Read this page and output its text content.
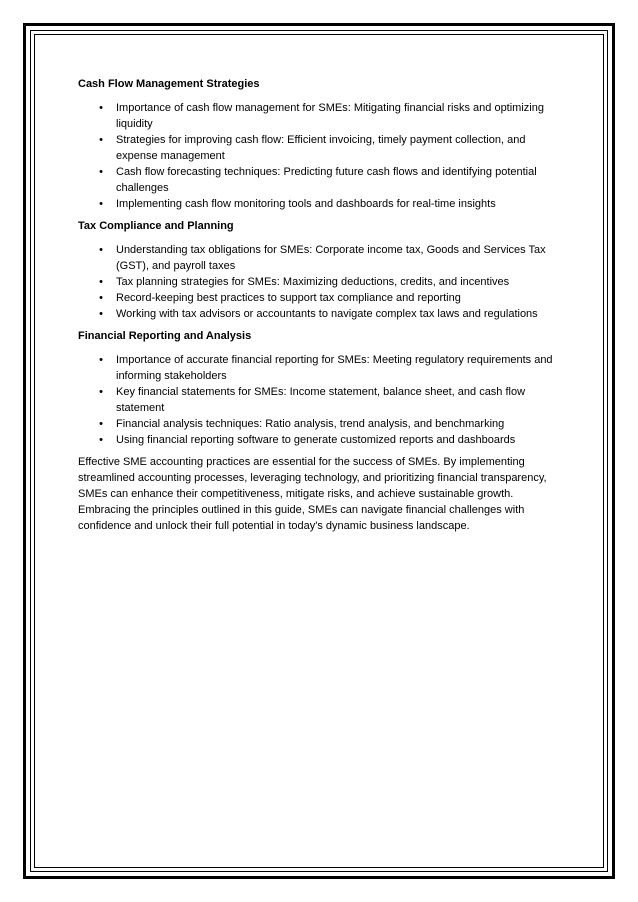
Cash Flow Management Strategies
• Importance of cash flow management for SMEs: Mitigating financial risks and optimizing liquidity
• Strategies for improving cash flow: Efficient invoicing, timely payment collection, and expense management
• Cash flow forecasting techniques: Predicting future cash flows and identifying potential challenges
• Implementing cash flow monitoring tools and dashboards for real-time insights
Tax Compliance and Planning
• Understanding tax obligations for SMEs: Corporate income tax, Goods and Services Tax (GST), and payroll taxes
• Tax planning strategies for SMEs: Maximizing deductions, credits, and incentives
• Record-keeping best practices to support tax compliance and reporting
• Working with tax advisors or accountants to navigate complex tax laws and regulations
Financial Reporting and Analysis
• Importance of accurate financial reporting for SMEs: Meeting regulatory requirements and informing stakeholders
• Key financial statements for SMEs: Income statement, balance sheet, and cash flow statement
• Financial analysis techniques: Ratio analysis, trend analysis, and benchmarking
• Using financial reporting software to generate customized reports and dashboards

Effective SME accounting practices are essential for the success of SMEs. By implementing streamlined accounting processes, leveraging technology, and prioritizing financial transparency, SMEs can enhance their competitiveness, mitigate risks, and achieve sustainable growth. Embracing the principles outlined in this guide, SMEs can navigate financial challenges with confidence and unlock their full potential in today's dynamic business landscape.
